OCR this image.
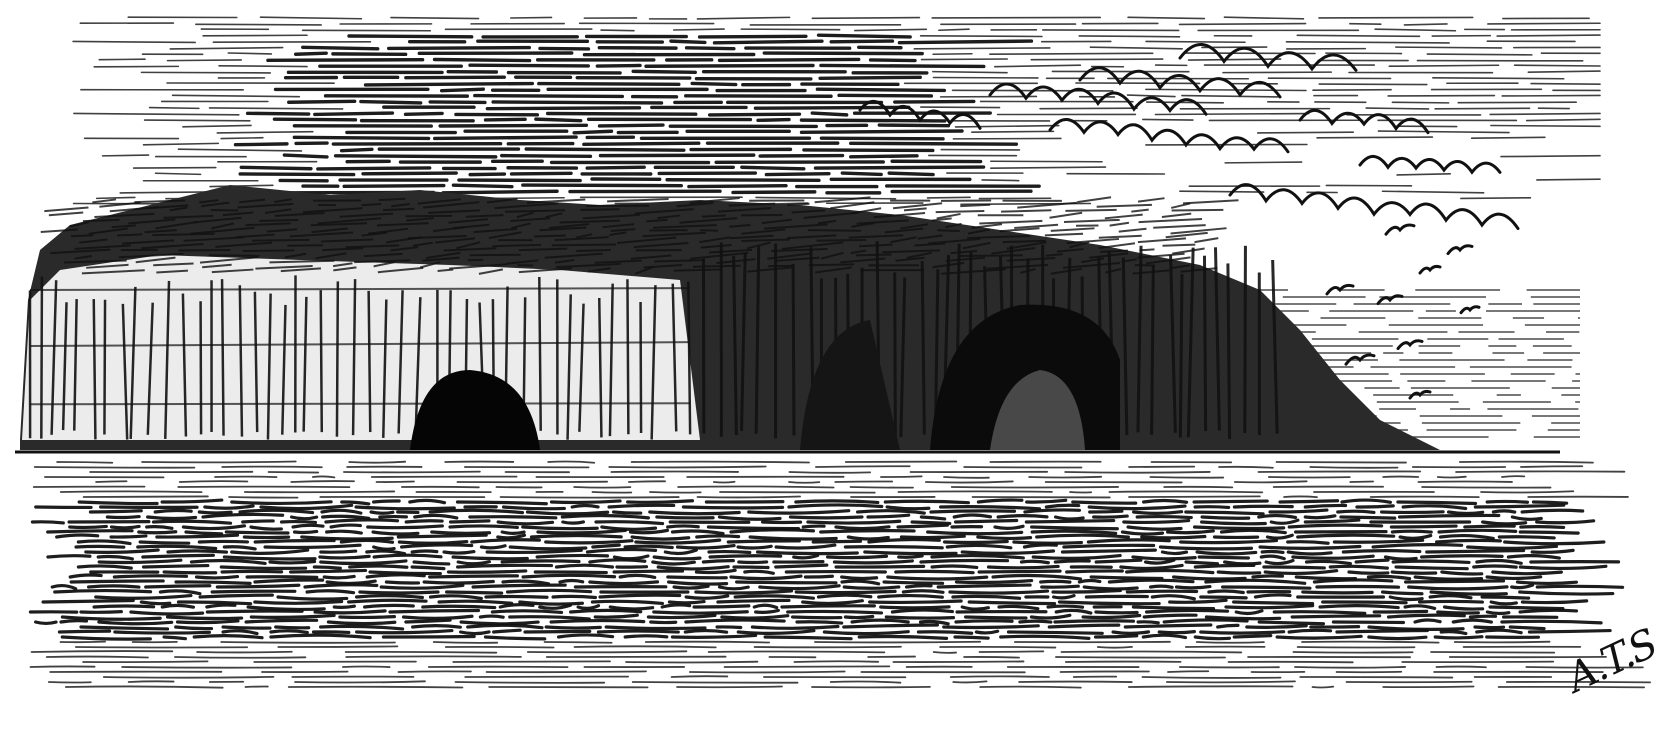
A.T.S
